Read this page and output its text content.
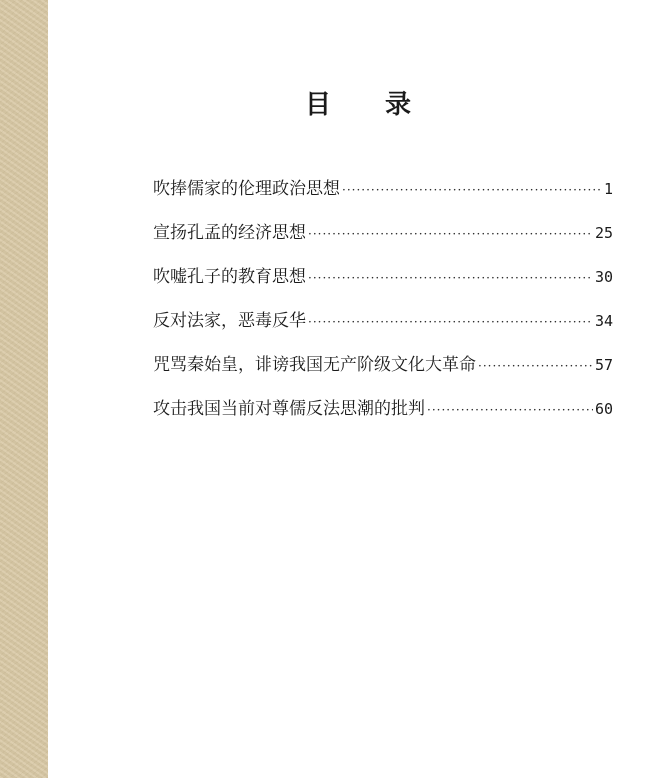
目 录
吹捧儒家的伦理政治思想 ·····	1
宣扬孔孟的经济思想 ·····	25
吹嘘孔子的教育思想 ·····	30
反对法家，恶毒反华 ·····	34
咒骂秦始皇，诽谤我国无产阶级文化大革命 ·····	57
攻击我国当前对尊儒反法思潮的批判 ·····	60
